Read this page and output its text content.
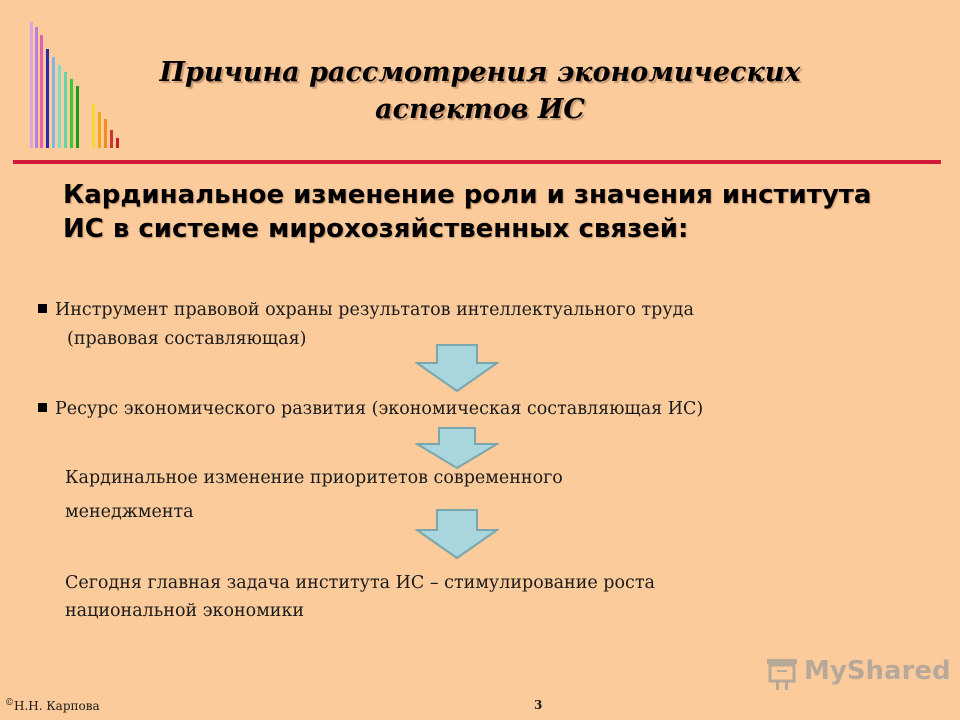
Причина рассмотрения экономических
аспектов ИС
Кардинальное изменение роли и значения института ИС в системе мирохозяйственных связей:
Инструмент правовой охраны результатов интеллектуального труда
(правовая составляющая)
Ресурс экономического развития (экономическая составляющая ИС)
Кардинальное изменение приоритетов современного
менеджмента
Сегодня главная задача института ИС – стимулирование роста
национальной экономики
MyShared
©Н.Н. Карпова	3
